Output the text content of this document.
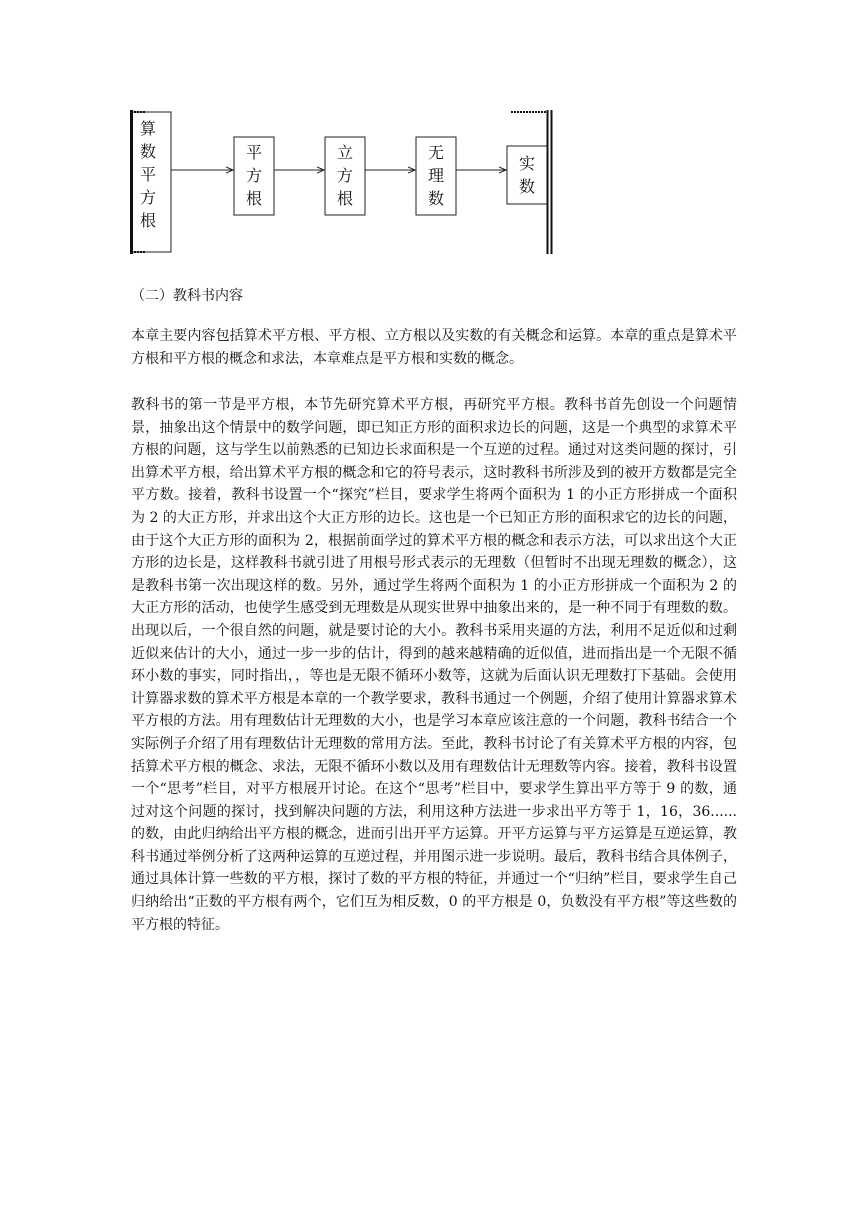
算数平方根
平方根
立方根
无理数
实数
（二）教科书内容

本章主要内容包括算术平方根、平方根、立方根以及实数的有关概念和运算。本章的重点是算术平方根和平方根的概念和求法，本章难点是平方根和实数的概念。

教科书的第一节是平方根，本节先研究算术平方根，再研究平方根。教科书首先创设一个问题情景，抽象出这个情景中的数学问题，即已知正方形的面积求边长的问题，这是一个典型的求算术平方根的问题，这与学生以前熟悉的已知边长求面积是一个互逆的过程。通过对这类问题的探讨，引出算术平方根，给出算术平方根的概念和它的符号表示，这时教科书所涉及到的被开方数都是完全平方数。接着，教科书设置一个“探究”栏目，要求学生将两个面积为 1 的小正方形拼成一个面积为 2 的大正方形，并求出这个大正方形的边长。这也是一个已知正方形的面积求它的边长的问题，由于这个大正方形的面积为 2，根据前面学过的算术平方根的概念和表示方法，可以求出这个大正方形的边长是，这样教科书就引进了用根号形式表示的无理数（但暂时不出现无理数的概念），这是教科书第一次出现这样的数。另外，通过学生将两个面积为 1 的小正方形拼成一个面积为 2 的大正方形的活动，也使学生感受到无理数是从现实世界中抽象出来的，是一种不同于有理数的数。出现以后，一个很自然的问题，就是要讨论的大小。教科书采用夹逼的方法，利用不足近似和过剩近似来估计的大小，通过一步一步的估计，得到的越来越精确的近似值，进而指出是一个无限不循环小数的事实，同时指出，，等也是无限不循环小数等，这就为后面认识无理数打下基础。会使用计算器求数的算术平方根是本章的一个教学要求，教科书通过一个例题，介绍了使用计算器求算术平方根的方法。用有理数估计无理数的大小，也是学习本章应该注意的一个问题，教科书结合一个实际例子介绍了用有理数估计无理数的常用方法。至此，教科书讨论了有关算术平方根的内容，包括算术平方根的概念、求法，无限不循环小数以及用有理数估计无理数等内容。接着，教科书设置一个“思考”栏目，对平方根展开讨论。在这个“思考”栏目中，要求学生算出平方等于 9 的数，通过对这个问题的探讨，找到解决问题的方法，利用这种方法进一步求出平方等于 1，16，36......的数，由此归纳给出平方根的概念，进而引出开平方运算。开平方运算与平方运算是互逆运算，教科书通过举例分析了这两种运算的互逆过程，并用图示进一步说明。最后，教科书结合具体例子，通过具体计算一些数的平方根，探讨了数的平方根的特征，并通过一个“归纳”栏目，要求学生自己归纳给出“正数的平方根有两个，它们互为相反数，0 的平方根是 0，负数没有平方根”等这些数的平方根的特征。
